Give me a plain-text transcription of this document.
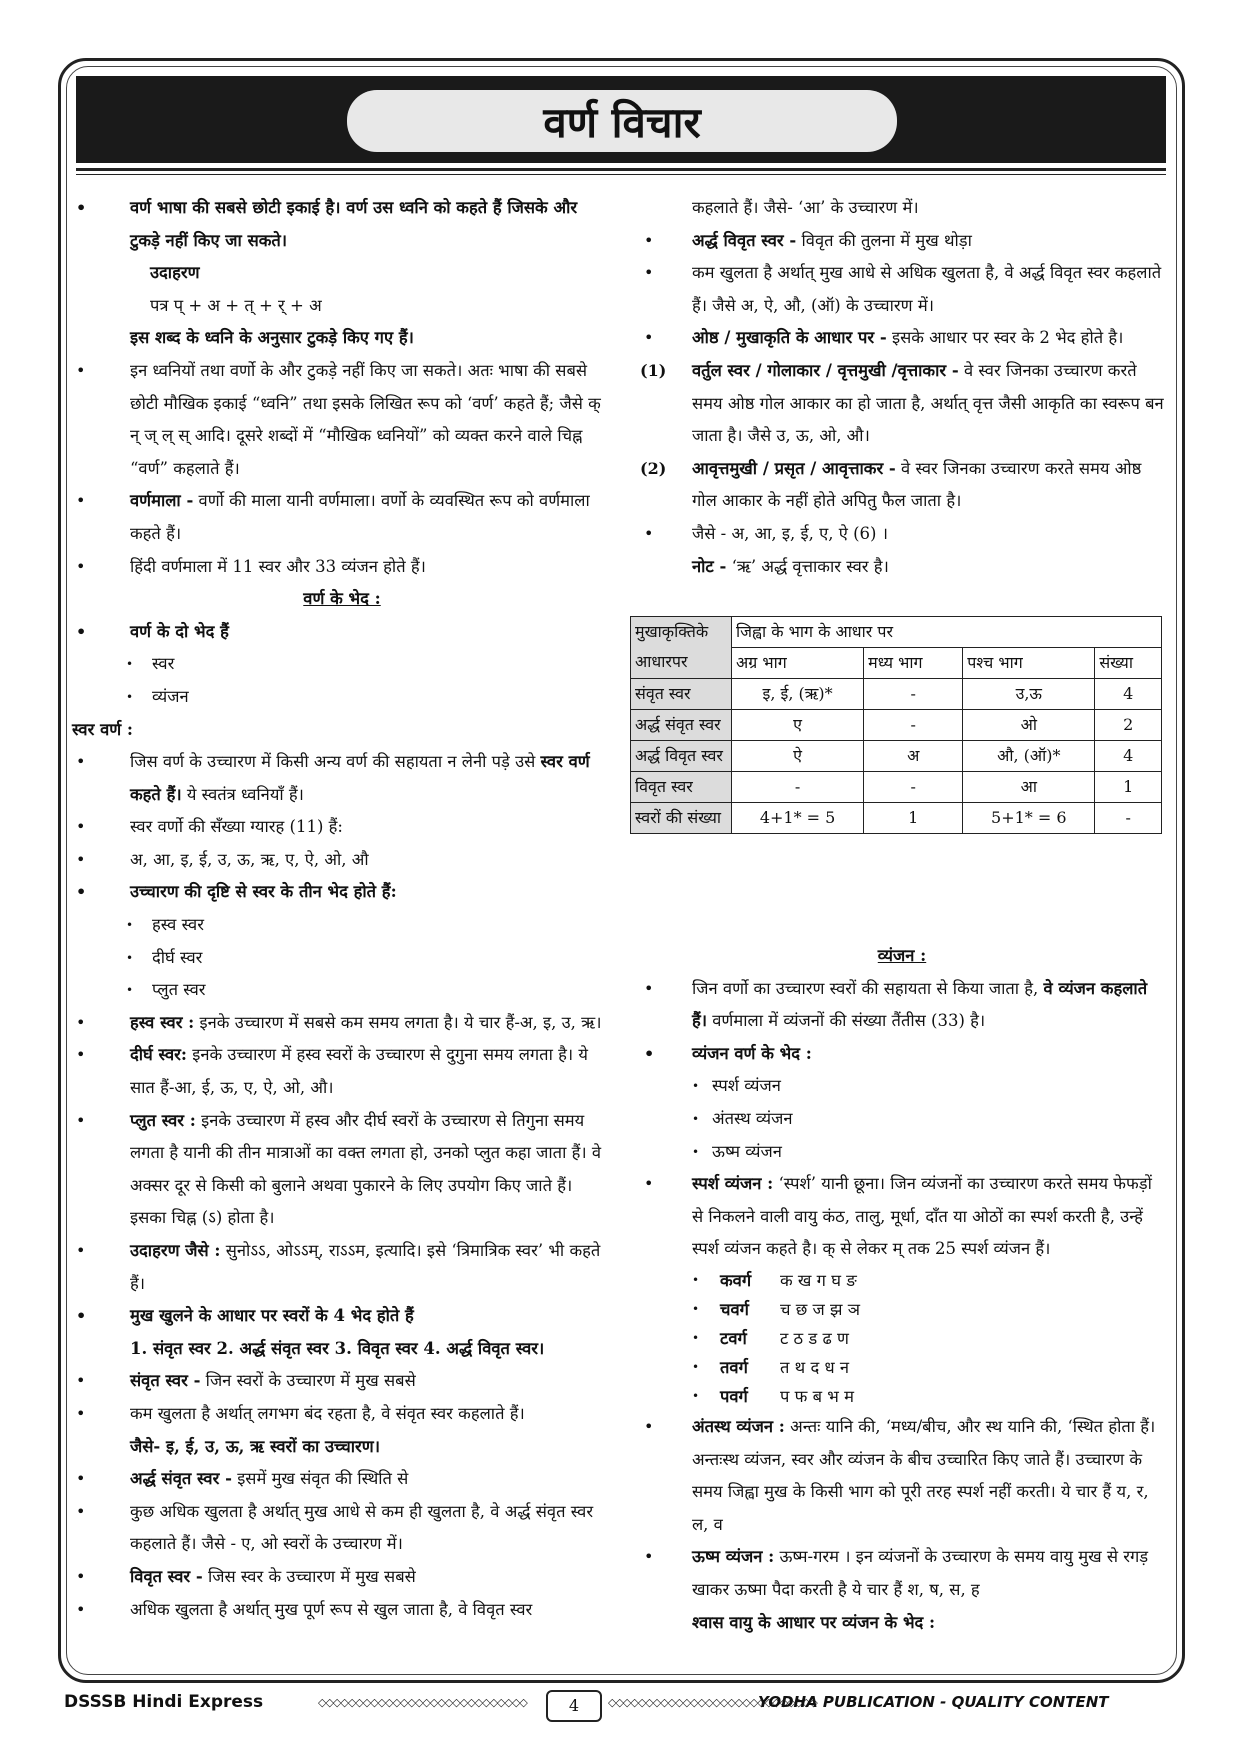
वर्ण विचार
•	वर्ण भाषा की सबसे छोटी इकाई है। वर्ण उस ध्वनि को कहते हैं जिसके और टुकड़े नहीं किए जा सकते।
उदाहरण
पत्र प् + अ + त् + र् + अ
इस शब्द के ध्वनि के अनुसार टुकड़े किए गए हैं।
•	इन ध्वनियों तथा वर्णो के और टुकड़े नहीं किए जा सकते। अतः भाषा की सबसे छोटी मौखिक इकाई “ध्वनि” तथा इसके लिखित रूप को ‘वर्ण’ कहते हैं; जैसे क् न् ज् ल् स् आदि। दूसरे शब्दों में “मौखिक ध्वनियों” को व्यक्त करने वाले चिह्न “वर्ण” कहलाते हैं।
•	वर्णमाला - वर्णो की माला यानी वर्णमाला। वर्णो के व्यवस्थित रूप को वर्णमाला कहते हैं।
•	हिंदी वर्णमाला में 11 स्वर और 33 व्यंजन होते हैं।
वर्ण के भेद :
•	वर्ण के दो भेद हैं
• स्वर
• व्यंजन
स्वर वर्ण :
•	जिस वर्ण के उच्चारण में किसी अन्य वर्ण की सहायता न लेनी पड़े उसे स्वर वर्ण कहते हैं। ये स्वतंत्र ध्वनियाँ हैं।
•	स्वर वर्णो की सँख्या ग्यारह (11) हैं:
•	अ, आ, इ, ई, उ, ऊ, ऋ, ए, ऐ, ओ, औ
•	उच्चारण की दृष्टि से स्वर के तीन भेद होते हैं:
• हस्व स्वर
• दीर्घ स्वर
• प्लुत स्वर
•	हस्व स्वर : इनके उच्चारण में सबसे कम समय लगता है। ये चार हैं-अ, इ, उ, ऋ।
•	दीर्घ स्वर: इनके उच्चारण में हस्व स्वरों के उच्चारण से दुगुना समय लगता है। ये सात हैं-आ, ई, ऊ, ए, ऐ, ओ, औ।
•	प्लुत स्वर : इनके उच्चारण में हस्व और दीर्घ स्वरों के उच्चारण से तिगुना समय लगता है यानी की तीन मात्राओं का वक्त लगता हो, उनको प्लुत कहा जाता हैं। वे अक्सर दूर से किसी को बुलाने अथवा पुकारने के लिए उपयोग किए जाते हैं। इसका चिह्न (ऽ) होता है।
•	उदाहरण जैसे : सुनोऽऽ, ओऽऽम्, राऽऽम, इत्यादि। इसे ‘त्रिमात्रिक स्वर’ भी कहते हैं।
•	मुख खुलने के आधार पर स्वरों के 4 भेद होते हैं
1. संवृत स्वर 2. अर्द्ध संवृत स्वर 3. विवृत स्वर 4. अर्द्ध विवृत स्वर।
•	संवृत स्वर - जिन स्वरों के उच्चारण में मुख सबसे
•	कम खुलता है अर्थात् लगभग बंद रहता है, वे संवृत स्वर कहलाते हैं।
जैसे- इ, ई, उ, ऊ, ऋ स्वरों का उच्चारण।
•	अर्द्ध संवृत स्वर - इसमें मुख संवृत की स्थिति से
•	कुछ अधिक खुलता है अर्थात् मुख आधे से कम ही खुलता है, वे अर्द्ध संवृत स्वर कहलाते हैं। जैसे - ए, ओ स्वरों के उच्चारण में।
•	विवृत स्वर - जिस स्वर के उच्चारण में मुख सबसे
•	अधिक खुलता है अर्थात् मुख पूर्ण रूप से खुल जाता है, वे विवृत स्वर
कहलाते हैं। जैसे- ‘आ’ के उच्चारण में।
• अर्द्ध विवृत स्वर - विवृत की तुलना में मुख थोड़ा
• कम खुलता है अर्थात् मुख आधे से अधिक खुलता है, वे अर्द्ध विवृत स्वर कहलाते हैं। जैसे अ, ऐ, औ, (ऑ) के उच्चारण में।
• ओष्ठ / मुखाकृति के आधार पर - इसके आधार पर स्वर के 2 भेद होते है।
(1) वर्तुल स्वर / गोलाकार / वृत्तमुखी /वृत्ताकार - वे स्वर जिनका उच्चारण करते समय ओष्ठ गोल आकार का हो जाता है, अर्थात् वृत्त जैसी आकृति का स्वरूप बन जाता है। जैसे उ, ऊ, ओ, औ।
(2) आवृत्तमुखी / प्रसृत / आवृत्ताकर - वे स्वर जिनका उच्चारण करते समय ओष्ठ गोल आकार के नहीं होते अपितु फैल जाता है।
• जैसे - अ, आ, इ, ई, ए, ऐ (6) ।
नोट - ‘ऋ’ अर्द्ध वृत्ताकार स्वर है।
मुखाकृक्तिके आधारपर	जिह्वा के भाग के आधार पर			
	अग्र भाग	मध्य भाग	पश्च भाग	संख्या
संवृत स्वर	इ, ई, (ऋ)*	-	उ,ऊ	4
अर्द्ध संवृत स्वर	ए	-	ओ	2
अर्द्ध विवृत स्वर	ऐ	अ	औ, (ऑ)*	4
विवृत स्वर	-	-	आ	1
स्वरों की संख्या	4+1* = 5	1	5+1* = 6	-
व्यंजन :
• जिन वर्णो का उच्चारण स्वरों की सहायता से किया जाता है, वे व्यंजन कहलाते हैं। वर्णमाला में व्यंजनों की संख्या तैंतीस (33) है।
• व्यंजन वर्ण के भेद :
• स्पर्श व्यंजन
• अंतस्थ व्यंजन
• ऊष्म व्यंजन
• स्पर्श व्यंजन : ‘स्पर्श’ यानी छूना। जिन व्यंजनों का उच्चारण करते समय फेफड़ों से निकलने वाली वायु कंठ, तालु, मूर्धा, दाँत या ओठों का स्पर्श करती है, उन्हें स्पर्श व्यंजन कहते है। क् से लेकर म् तक 25 स्पर्श व्यंजन हैं।
• कवर्ग	क ख ग घ ङ
• चवर्ग	च छ ज झ ञ
• टवर्ग	ट ठ ड ढ ण
• तवर्ग	त थ द ध न
• पवर्ग	प फ ब भ म
• अंतस्थ व्यंजन : अन्तः यानि की, ‘मध्य/बीच, और स्थ यानि की, ‘स्थित होता हैं। अन्तःस्थ व्यंजन, स्वर और व्यंजन के बीच उच्चारित किए जाते हैं। उच्चारण के समय जिह्वा मुख के किसी भाग को पूरी तरह स्पर्श नहीं करती। ये चार हैं य, र, ल, व
• ऊष्म व्यंजन : ऊष्म-गरम । इन व्यंजनों के उच्चारण के समय वायु मुख से रगड़ खाकर ऊष्मा पैदा करती है ये चार हैं श, ष, स, ह
श्वास वायु के आधार पर व्यंजन के भेद :
DSSSB Hindi Express	◇◇◇◇◇◇◇◇◇◇◇◇◇◇◇◇◇◇◇◇◇◇◇◇◇◇◇◇	4	◇◇◇◇◇◇◇◇◇◇◇◇◇◇◇◇◇◇◇◇◇◇◇◇◇◇◇◇
YODHA PUBLICATION - QUALITY CONTENT
